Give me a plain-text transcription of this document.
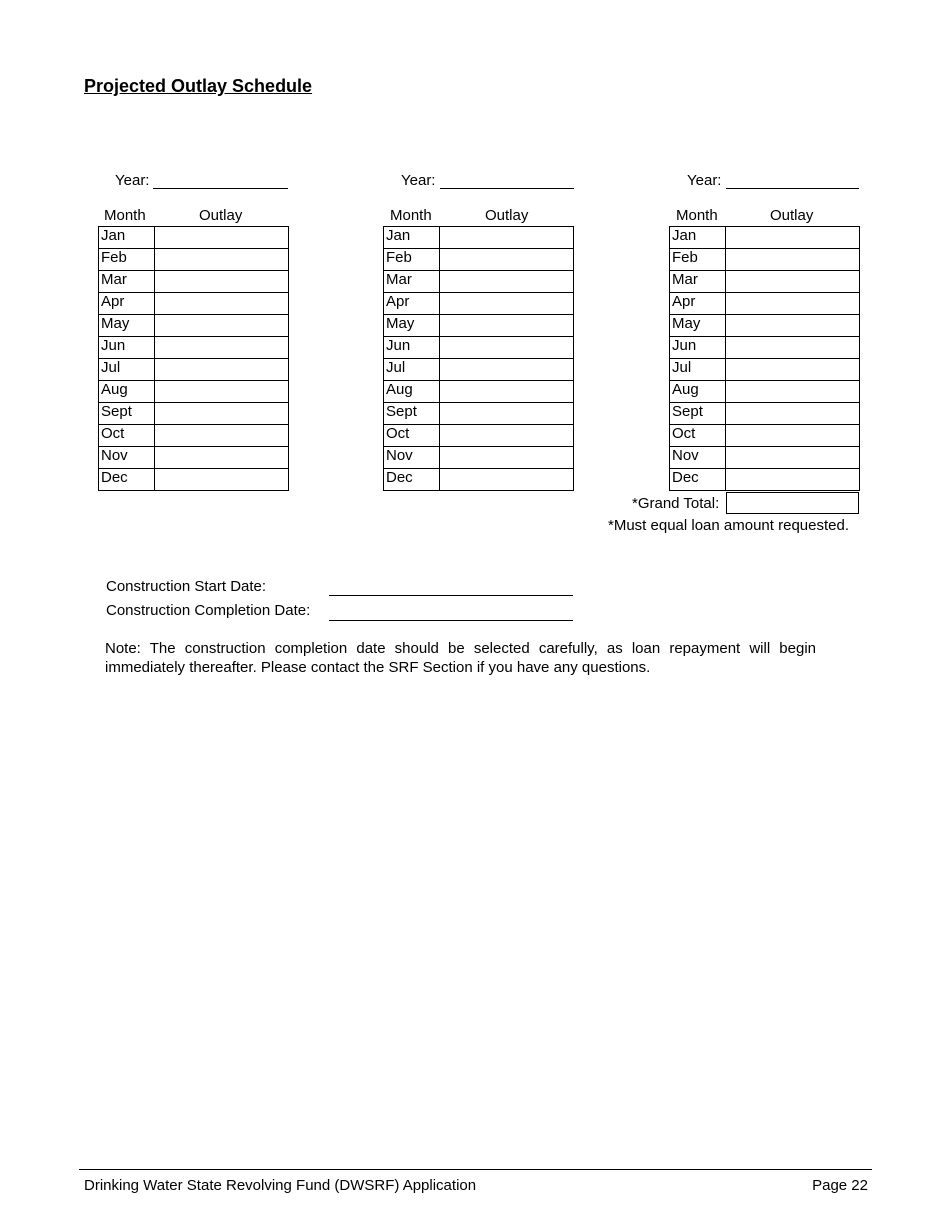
Projected Outlay Schedule
Year:
Month	Outlay
Jan	
Feb	
Mar	
Apr	
May	
Jun	
Jul	
Aug	
Sept	
Oct	
Nov	
Dec	
Year:
Month	Outlay
Jan	
Feb	
Mar	
Apr	
May	
Jun	
Jul	
Aug	
Sept	
Oct	
Nov	
Dec	
Year:
Month	Outlay
Jan	
Feb	
Mar	
Apr	
May	
Jun	
Jul	
Aug	
Sept	
Oct	
Nov	
Dec	
*Grand Total:
*Must equal loan amount requested.
Construction Start Date:
Construction Completion Date:
Note: The construction completion date should be selected carefully, as loan repayment will begin immediately thereafter. Please contact the SRF Section if you have any questions.
Drinking Water State Revolving Fund (DWSRF) Application	Page 22
